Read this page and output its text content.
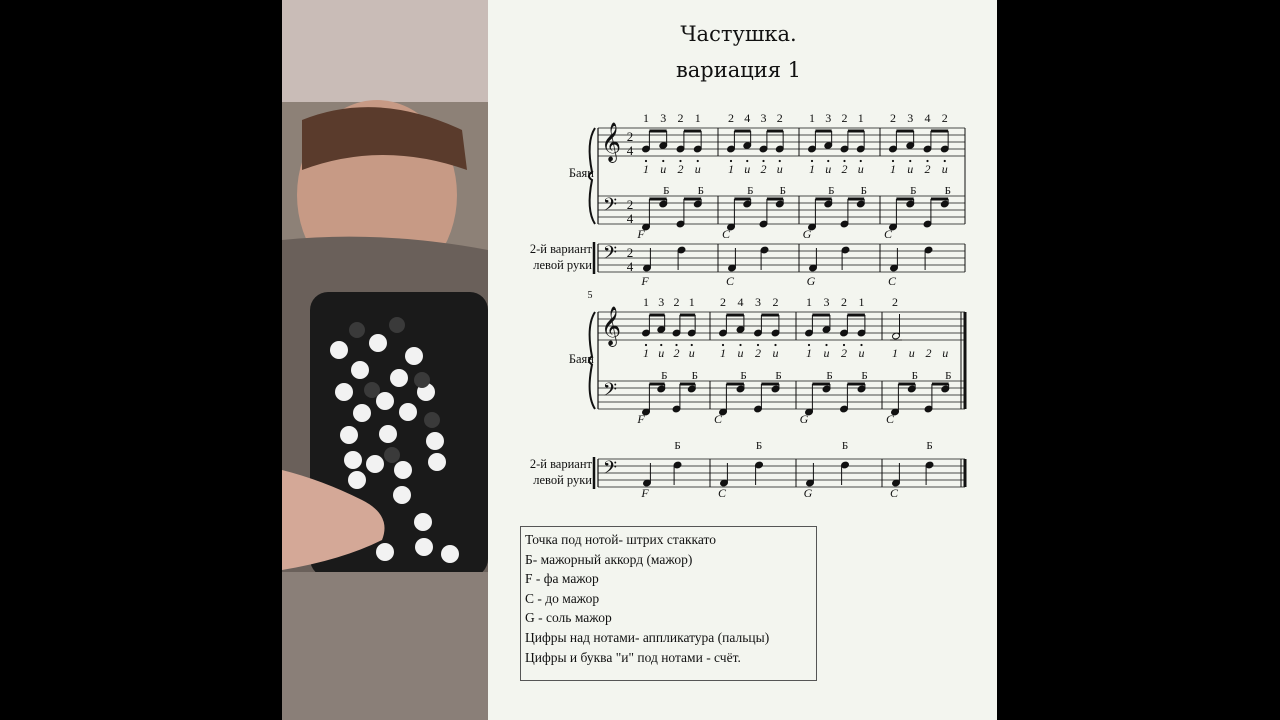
Частушка.
вариация 1
Баян
2-й вариант
левой руки
Баян
2-й вариант
левой руки
𝄞
𝄢
𝄢
2
4
2
4
2
4
1 3 2 1
1 и 2 и
Б	Б
F
F
2 4 3 2
1 и 2 и
Б Б
C
C
1 3 2 1
1 и 2 и
Б Б
G
G
2 3 4 2
1 и 2 и
Б	Б
C
C
𝄞
𝄢
𝄢
1 3 2 1
1 и 2 и
Б Б
F
Б
F
2 4 3 2
1 и 2 и
Б	Б
C
Б
C
1 3 2 1
1 и 2 и
Б	Б
G
Б
G
2
1 и 2 и
Б Б
C
Б
C
5
Точка под нотой- штрих стаккато
Б- мажорный аккорд (мажор)
F - фа мажор
C - до мажор
G - соль мажор
Цифры над нотами- аппликатура (пальцы)
Цифры и буква "и" под нотами - счёт.
